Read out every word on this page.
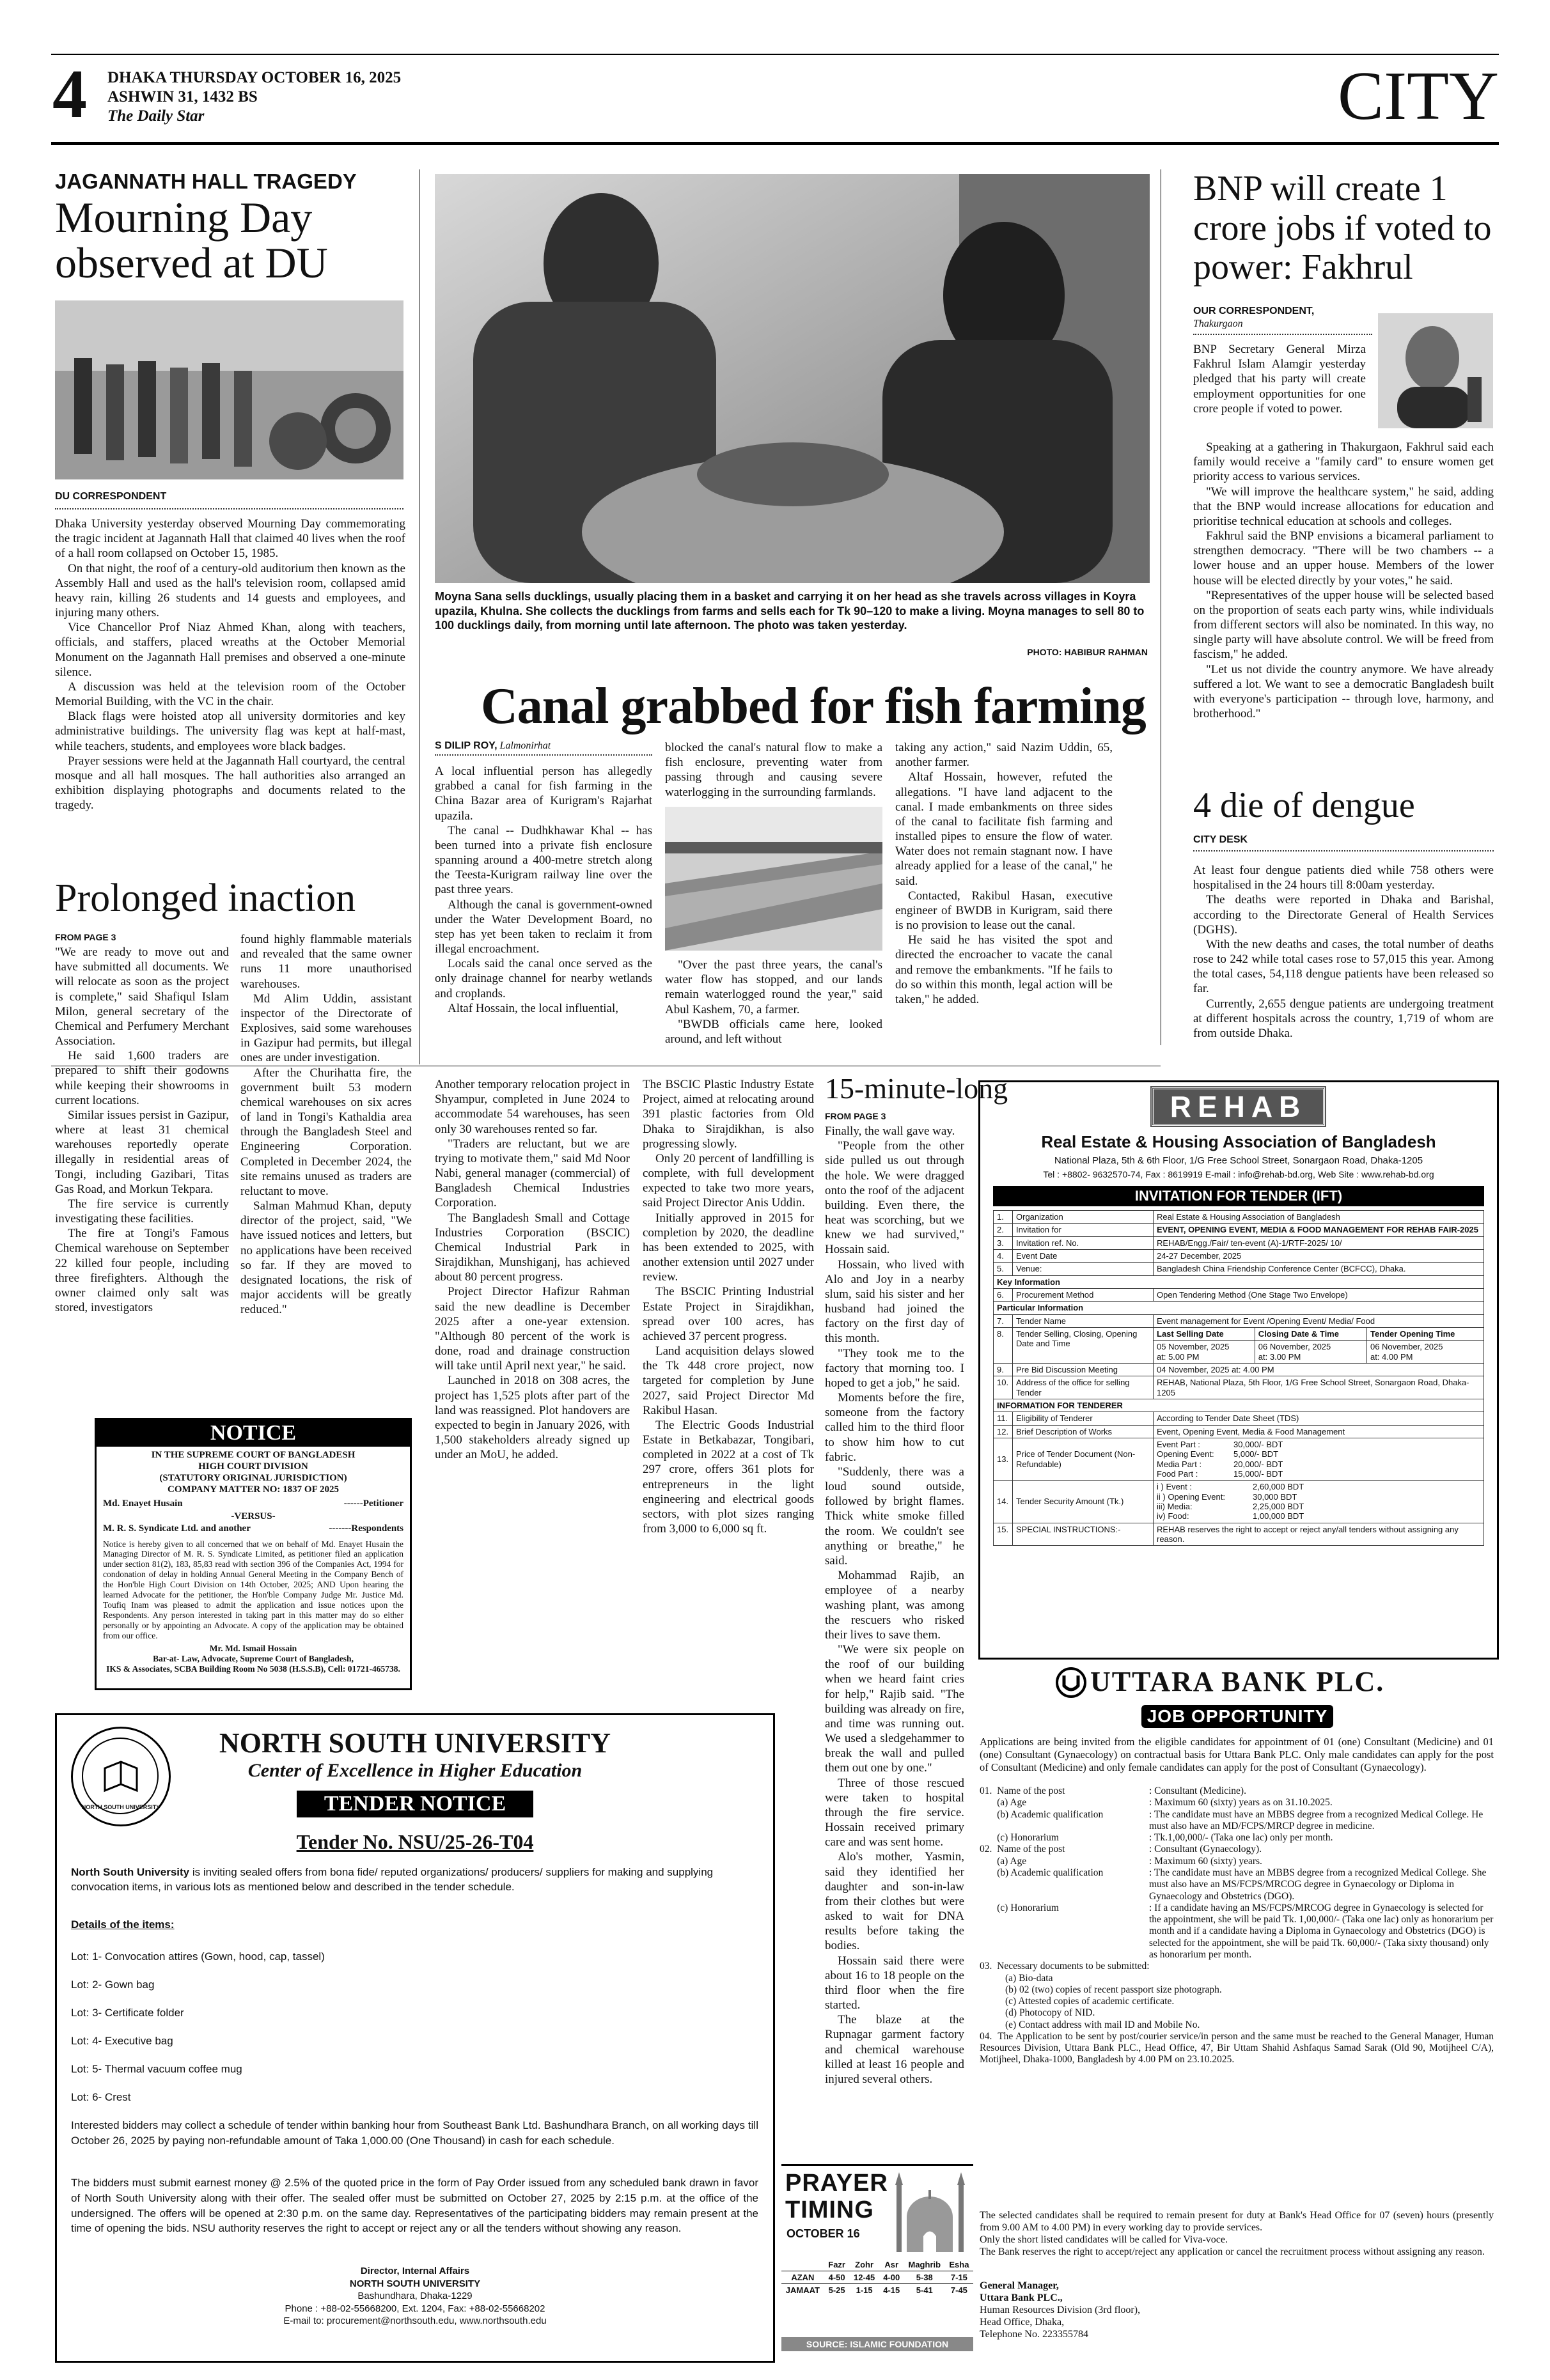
4 DHAKA THURSDAY OCTOBER 16, 2025
ASHWIN 31, 1432 BS
The Daily Star	CITY
JAGANNATH HALL TRAGEDY
Mourning Day observed at DU
DU CORRESPONDENT

Dhaka University yesterday observed Mourning Day commemorating the tragic incident at Jagannath Hall that claimed 40 lives when the roof of a hall room collapsed on October 15, 1985.

On that night, the roof of a century-old auditorium then known as the Assembly Hall and used as the hall's television room, collapsed amid heavy rain, killing 26 students and 14 guests and employees, and injuring many others.

Vice Chancellor Prof Niaz Ahmed Khan, along with teachers, officials, and staffers, placed wreaths at the October Memorial Monument on the Jagannath Hall premises and observed a one-minute silence.

A discussion was held at the television room of the October Memorial Building, with the VC in the chair.

Black flags were hoisted atop all university dormitories and key administrative buildings. The university flag was kept at half-mast, while teachers, students, and employees wore black badges.

Prayer sessions were held at the Jagannath Hall courtyard, the central mosque and all hall mosques. The hall authorities also arranged an exhibition displaying photographs and documents related to the tragedy.

Moyna Sana sells ducklings, usually placing them in a basket and carrying it on her head as she travels across villages in Koyra upazila, Khulna. She collects the ducklings from farms and sells each for Tk 90–120 to make a living. Moyna manages to sell 80 to 100 ducklings daily, from morning until late afternoon. The photo was taken yesterday.
PHOTO: HABIBUR RAHMAN
Canal grabbed for fish farming
S DILIP ROY, Lalmonirhat

A local influential person has allegedly grabbed a canal for fish farming in the China Bazar area of Kurigram's Rajarhat upazila.

The canal -- Dudhkhawar Khal -- has been turned into a private fish enclosure spanning around a 400-metre stretch along the Teesta-Kurigram railway line over the past three years.

Although the canal is government-owned under the Water Development Board, no step has yet been taken to reclaim it from illegal encroachment.

Locals said the canal once served as the only drainage channel for nearby wetlands and croplands.

Altaf Hossain, the local influential,

blocked the canal's natural flow to make a fish enclosure, preventing water from passing through and causing severe waterlogging in the surrounding farmlands.

"Over the past three years, the canal's water flow has stopped, and our lands remain waterlogged round the year," said Abul Kashem, 70, a farmer.

"BWDB officials came here, looked around, and left without

taking any action," said Nazim Uddin, 65, another farmer.

Altaf Hossain, however, refuted the allegations. "I have land adjacent to the canal. I made embankments on three sides of the canal to facilitate fish farming and installed pipes to ensure the flow of water. Water does not remain stagnant now. I have already applied for a lease of the canal," he said.

Contacted, Rakibul Hasan, executive engineer of BWDB in Kurigram, said there is no provision to lease out the canal.

He said he has visited the spot and directed the encroacher to vacate the canal and remove the embankments. "If he fails to do so within this month, legal action will be taken," he added.

BNP will create 1 crore jobs if voted to power: Fakhrul
OUR CORRESPONDENT,
Thakurgaon

BNP Secretary General Mirza Fakhrul Islam Alamgir yesterday pledged that his party will create employment opportunities for one crore people if voted to power.

Speaking at a gathering in Thakurgaon, Fakhrul said each family would receive a "family card" to ensure women get priority access to various services.

"We will improve the healthcare system," he said, adding that the BNP would increase allocations for education and prioritise technical education at schools and colleges.

Fakhrul said the BNP envisions a bicameral parliament to strengthen democracy. "There will be two chambers -- a lower house and an upper house. Members of the lower house will be elected directly by your votes," he said.

"Representatives of the upper house will be selected based on the proportion of seats each party wins, while individuals from different sectors will also be nominated. In this way, no single party will have absolute control. We will be freed from fascism," he added.

"Let us not divide the country anymore. We have already suffered a lot. We want to see a democratic Bangladesh built with everyone's participation -- through love, harmony, and brotherhood."

4 die of dengue
CITY DESK

At least four dengue patients died while 758 others were hospitalised in the 24 hours till 8:00am yesterday.

The deaths were reported in Dhaka and Barishal, according to the Directorate General of Health Services (DGHS).

With the new deaths and cases, the total number of deaths rose to 242 while total cases rose to 57,015 this year. Among the total cases, 54,118 dengue patients have been released so far.

Currently, 2,655 dengue patients are undergoing treatment at different hospitals across the country, 1,719 of whom are from outside Dhaka.

Prolonged inaction
FROM PAGE 3

"We are ready to move out and have submitted all documents. We will relocate as soon as the project is complete," said Shafiqul Islam Milon, general secretary of the Chemical and Perfumery Merchant Association.

He said 1,600 traders are prepared to shift their godowns while keeping their showrooms in current locations.

Similar issues persist in Gazipur, where at least 31 chemical warehouses reportedly operate illegally in residential areas of Tongi, including Gazibari, Titas Gas Road, and Morkun Tekpara.

The fire service is currently investigating these facilities.

The fire at Tongi's Famous Chemical warehouse on September 22 killed four people, including three firefighters. Although the owner claimed only salt was stored, investigators

found highly flammable materials and revealed that the same owner runs 11 more unauthorised warehouses.

Md Alim Uddin, assistant inspector of the Directorate of Explosives, said some warehouses in Gazipur had permits, but illegal ones are under investigation.

After the Churihatta fire, the government built 53 modern chemical warehouses on six acres of land in Tongi's Kathaldia area through the Bangladesh Steel and Engineering Corporation. Completed in December 2024, the site remains unused as traders are reluctant to move.

Salman Mahmud Khan, deputy director of the project, said, "We have issued notices and letters, but no applications have been received so far. If they are moved to designated locations, the risk of major accidents will be greatly reduced."

Another temporary relocation project in Shyampur, completed in June 2024 to accommodate 54 warehouses, has seen only 30 warehouses rented so far.

"Traders are reluctant, but we are trying to motivate them," said Md Noor Nabi, general manager (commercial) of Bangladesh Chemical Industries Corporation.

The Bangladesh Small and Cottage Industries Corporation (BSCIC) Chemical Industrial Park in Sirajdikhan, Munshiganj, has achieved about 80 percent progress.

Project Director Hafizur Rahman said the new deadline is December 2025 after a one-year extension. "Although 80 percent of the work is done, road and drainage construction will take until April next year," he said.

Launched in 2018 on 308 acres, the project has 1,525 plots after part of the land was reassigned. Plot handovers are expected to begin in January 2026, with 1,500 stakeholders already signed up under an MoU, he added.

The BSCIC Plastic Industry Estate Project, aimed at relocating around 391 plastic factories from Old Dhaka to Sirajdikhan, is also progressing slowly.

Only 20 percent of landfilling is complete, with full development expected to take two more years, said Project Director Anis Uddin.

Initially approved in 2015 for completion by 2020, the deadline has been extended to 2025, with another extension until 2027 under review.

The BSCIC Printing Industrial Estate Project in Sirajdikhan, spread over 100 acres, has achieved 37 percent progress.

Land acquisition delays slowed the Tk 448 crore project, now targeted for completion by June 2027, said Project Director Md Rakibul Hasan.

The Electric Goods Industrial Estate in Betkabazar, Tongibari, completed in 2022 at a cost of Tk 297 crore, offers 361 plots for entrepreneurs in the light engineering and electrical goods sectors, with plot sizes ranging from 3,000 to 6,000 sq ft.

15-minute-long
FROM PAGE 3

Finally, the wall gave way.

"People from the other side pulled us out through the hole. We were dragged onto the roof of the adjacent building. Even there, the heat was scorching, but we knew we had survived," Hossain said.

Hossain, who lived with Alo and Joy in a nearby slum, said his sister and her husband had joined the factory on the first day of this month.

"They took me to the factory that morning too. I hoped to get a job," he said.

Moments before the fire, someone from the factory called him to the third floor to show him how to cut fabric.

"Suddenly, there was a loud sound outside, followed by bright flames. Thick white smoke filled the room. We couldn't see anything or breathe," he said.

Mohammad Rajib, an employee of a nearby washing plant, was among the rescuers who risked their lives to save them.

"We were six people on the roof of our building when we heard faint cries for help," Rajib said. "The building was already on fire, and time was running out. We used a sledgehammer to break the wall and pulled them out one by one."

Three of those rescued were taken to hospital through the fire service. Hossain received primary care and was sent home.

Alo's mother, Yasmin, said they identified her daughter and son-in-law from their clothes but were asked to wait for DNA results before taking the bodies.

Hossain said there were about 16 to 18 people on the third floor when the fire started.

The blaze at the Rupnagar garment factory and chemical warehouse killed at least 16 people and injured several others.

PRAYER
TIMING
OCTOBER 16
	Fazr	Zohr	Asr	Maghrib	Esha
AZAN	4-50	12-45	4-00	5-38	7-15
JAMAAT	5-25	1-15	4-15	5-41	7-45
SOURCE: ISLAMIC FOUNDATION
NOTICE
IN THE SUPREME COURT OF BANGLADESH
HIGH COURT DIVISION
(STATUTORY ORIGINAL JURISDICTION)
COMPANY MATTER NO: 1837 OF 2025
Md. Enayet Husain	------Petitioner
-VERSUS-
M. R. S. Syndicate Ltd. and another	-------Respondents
Notice is hereby given to all concerned that we on behalf of Md. Enayet Husain the Managing Director of M. R. S. Syndicate Limited, as petitioner filed an application under section 81(2), 183, 85,83 read with section 396 of the Companies Act, 1994 for condonation of delay in holding Annual General Meeting in the Company Bench of the Hon'ble High Court Division on 14th October, 2025; AND Upon hearing the learned Advocate for the petitioner, the Hon'ble Company Judge Mr. Justice Md. Toufiq Inam was pleased to admit the application and issue notices upon the Respondents. Any person interested in taking part in this matter may do so either personally or by appointing an Advocate. A copy of the application may be obtained from our office.
Mr. Md. Ismail Hossain
Bar-at- Law, Advocate, Supreme Court of Bangladesh,
IKS & Associates, SCBA Building Room No 5038 (H.S.S.B), Cell: 01721-465738.
NORTH SOUTH UNIVERSITY
NORTH SOUTH UNIVERSITY
Center of Excellence in Higher Education
TENDER NOTICE
Tender No. NSU/25-26-T04
North South University is inviting sealed offers from bona fide/ reputed organizations/ producers/ suppliers for making and supplying convocation items, in various lots as mentioned below and described in the tender schedule.
Details of the items:
Lot: 1- Convocation attires (Gown, hood, cap, tassel)
Lot: 2- Gown bag
Lot: 3- Certificate folder
Lot: 4- Executive bag
Lot: 5- Thermal vacuum coffee mug
Lot: 6- Crest
Interested bidders may collect a schedule of tender within banking hour from Southeast Bank Ltd. Bashundhara Branch, on all working days till October 26, 2025 by paying non-refundable amount of Taka 1,000.00 (One Thousand) in cash for each schedule.
The bidders must submit earnest money @ 2.5% of the quoted price in the form of Pay Order issued from any scheduled bank drawn in favor of North South University along with their offer. The sealed offer must be submitted on October 27, 2025 by 2:15 p.m. at the office of the undersigned. The offers will be opened at 2:30 p.m. on the same day. Representatives of the participating bidders may remain present at the time of opening the bids. NSU authority reserves the right to accept or reject any or all the tenders without showing any reason.
Director, Internal Affairs
NORTH SOUTH UNIVERSITY
Bashundhara, Dhaka-1229
Phone : +88-02-55668200, Ext. 1204, Fax: +88-02-55668202
E-mail to: procurement@northsouth.edu, www.northsouth.edu
REHAB
Real Estate & Housing Association of Bangladesh
National Plaza, 5th & 6th Floor, 1/G Free School Street, Sonargaon Road, Dhaka-1205
Tel : +8802- 9632570-74, Fax : 8619919 E-mail : info@rehab-bd.org, Web Site : www.rehab-bd.org
INVITATION FOR TENDER (IFT)
1.	Organization	Real Estate & Housing Association of Bangladesh
2.	Invitation for	EVENT, OPENING EVENT, MEDIA & FOOD MANAGEMENT FOR REHAB FAIR-2025
3.	Invitation ref. No.	REHAB/Engg./Fair/ ten-event (A)-1/RTF-2025/ 10/
4.	Event Date	24-27 December, 2025
5.	Venue:	Bangladesh China Friendship Conference Center (BCFCC), Dhaka.
Key Information
6.	Procurement Method	Open Tendering Method (One Stage Two Envelope)
Particular Information
7.	Tender Name	Event management for Event /Opening Event/ Media/ Food
8.	Tender Selling, Closing, Opening Date and Time	
Last Selling Date	Closing Date & Time	Tender Opening Time
05 November, 2025
at: 5.00 PM	06 November, 2025
at: 3.00 PM	06 November, 2025
at: 4.00 PM

9.	Pre Bid Discussion Meeting	04 November, 2025 at: 4.00 PM
10.	Address of the office for selling Tender	REHAB, National Plaza, 5th Floor, 1/G Free School Street, Sonargaon Road, Dhaka-1205
INFORMATION FOR TENDERER
11.	Eligibility of Tenderer	According to Tender Date Sheet (TDS)
12.	Brief Description of Works	Event, Opening Event, Media & Food Management
13.	Price of Tender Document (Non-Refundable)	
Event Part :	30,000/- BDT
Opening Event: 5,000/- BDT
Media Part :	20,000/- BDT
Food Part :	15,000/- BDT

14.	Tender Security Amount (Tk.)	
i ) Event :	2,60,000 BDT
ii ) Opening Event:	30,000 BDT
iii) Media:	2,25,000 BDT
iv) Food:	1,00,000 BDT

15.	SPECIAL INSTRUCTIONS:-	REHAB reserves the right to accept or reject any/all tenders without assigning any reason.
UTTARA BANK PLC.
JOB OPPORTUNITY
Applications are being invited from the eligible candidates for appointment of 01 (one) Consultant (Medicine) and 01 (one) Consultant (Gynaecology) on contractual basis for Uttara Bank PLC. Only male candidates can apply for the post of Consultant (Medicine) and only female candidates can apply for the post of Consultant (Gynaecology).
01.  Name of the post	: Consultant (Medicine).
(a) Age	: Maximum 60 (sixty) years as on 31.10.2025.
(b) Academic qualification	: The candidate must have an MBBS degree from a recognized Medical College. He must also have an MD/FCPS/MRCP degree in medicine.
(c) Honorarium	: Tk.1,00,000/- (Taka one lac) only per month.
02.  Name of the post	: Consultant (Gynaecology).
(a) Age	: Maximum 60 (sixty) years.
(b) Academic qualification	: The candidate must have an MBBS degree from a recognized Medical College. She must also have an MS/FCPS/MRCOG degree in Gynaecology or Diploma in Gynaecology and Obstetrics (DGO).
(c) Honorarium	: If a candidate having an MS/FCPS/MRCOG degree in Gynaecology is selected for the appointment, she will be paid Tk. 1,00,000/- (Taka one lac) only as honorarium per month and if a candidate having a Diploma in Gynaecology and Obstetrics (DGO) is selected for the appointment, she will be paid Tk. 60,000/- (Taka sixty thousand) only as honorarium per month.
03.  Necessary documents to be submitted:
(a) Bio-data
(b) 02 (two) copies of recent passport size photograph.
(c) Attested copies of academic certificate.
(d) Photocopy of NID.
(e) Contact address with mail ID and Mobile No.
04.  The Application to be sent by post/courier service/in person and the same must be reached to the General Manager, Human Resources Division, Uttara Bank PLC., Head Office, 47, Bir Uttam Shahid Ashfaqus Samad Sarak (Old 90, Motijheel C/A), Motijheel, Dhaka-1000, Bangladesh by 4.00 PM on 23.10.2025.
The selected candidates shall be required to remain present for duty at Bank's Head Office for 07 (seven) hours (presently from 9.00 AM to 4.00 PM) in every working day to provide services.
Only the short listed candidates will be called for Viva-voce.
The Bank reserves the right to accept/reject any application or cancel the recruitment process without assigning any reason.
General Manager,
Uttara Bank PLC.,
Human Resources Division (3rd floor),
Head Office, Dhaka,
Telephone No. 223355784
